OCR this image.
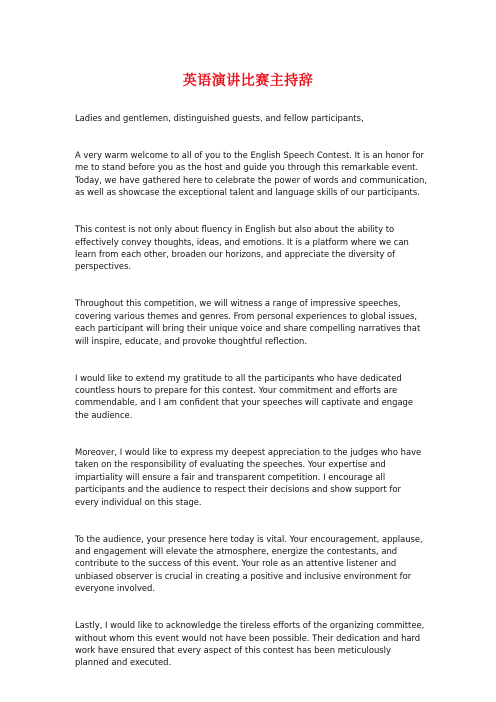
英语演讲比赛主持辞

Ladies and gentlemen, distinguished guests, and fellow participants,

A very warm welcome to all of you to the English Speech Contest. It is an honor for me to stand before you as the host and guide you through this remarkable event. Today, we have gathered here to celebrate the power of words and communication, as well as showcase the exceptional talent and language skills of our participants.

This contest is not only about fluency in English but also about the ability to effectively convey thoughts, ideas, and emotions. It is a platform where we can learn from each other, broaden our horizons, and appreciate the diversity of perspectives.

Throughout this competition, we will witness a range of impressive speeches, covering various themes and genres. From personal experiences to global issues, each participant will bring their unique voice and share compelling narratives that will inspire, educate, and provoke thoughtful reflection.

I would like to extend my gratitude to all the participants who have dedicated countless hours to prepare for this contest. Your commitment and efforts are commendable, and I am confident that your speeches will captivate and engage the audience.

Moreover, I would like to express my deepest appreciation to the judges who have taken on the responsibility of evaluating the speeches. Your expertise and impartiality will ensure a fair and transparent competition. I encourage all participants and the audience to respect their decisions and show support for every individual on this stage.

To the audience, your presence here today is vital. Your encouragement, applause, and engagement will elevate the atmosphere, energize the contestants, and contribute to the success of this event. Your role as an attentive listener and unbiased observer is crucial in creating a positive and inclusive environment for everyone involved.

Lastly, I would like to acknowledge the tireless efforts of the organizing committee, without whom this event would not have been possible. Their dedication and hard work have ensured that every aspect of this contest has been meticulously planned and executed.
